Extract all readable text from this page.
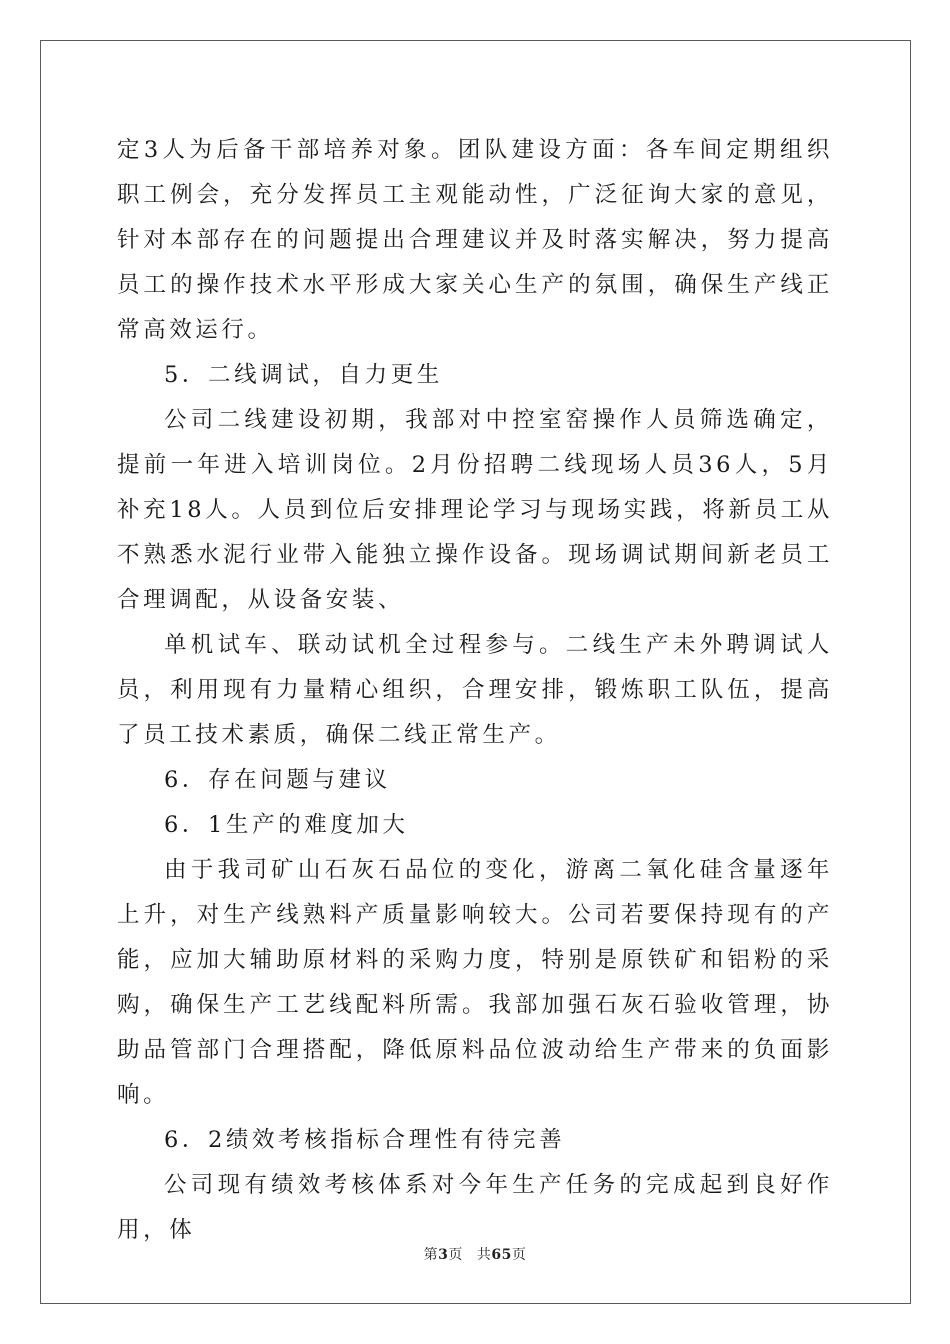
定3人为后备干部培养对象。团队建设方面：各车间定期组织职工例会，充分发挥员工主观能动性，广泛征询大家的意见，针对本部存在的问题提出合理建议并及时落实解决，努力提高员工的操作技术水平形成大家关心生产的氛围，确保生产线正常高效运行。

5．二线调试，自力更生

公司二线建设初期，我部对中控室窑操作人员筛选确定，提前一年进入培训岗位。2月份招聘二线现场人员36人，5月补充18人。人员到位后安排理论学习与现场实践，将新员工从不熟悉水泥行业带入能独立操作设备。现场调试期间新老员工合理调配，从设备安装、

单机试车、联动试机全过程参与。二线生产未外聘调试人员，利用现有力量精心组织，合理安排，锻炼职工队伍，提高了员工技术素质，确保二线正常生产。

6．存在问题与建议

6．1生产的难度加大

由于我司矿山石灰石品位的变化，游离二氧化硅含量逐年上升，对生产线熟料产质量影响较大。公司若要保持现有的产能，应加大辅助原材料的采购力度，特别是原铁矿和铝粉的采购，确保生产工艺线配料所需。我部加强石灰石验收管理，协助品管部门合理搭配，降低原料品位波动给生产带来的负面影响。

6．2绩效考核指标合理性有待完善

公司现有绩效考核体系对今年生产任务的完成起到良好作用，体

第3页 共65页
